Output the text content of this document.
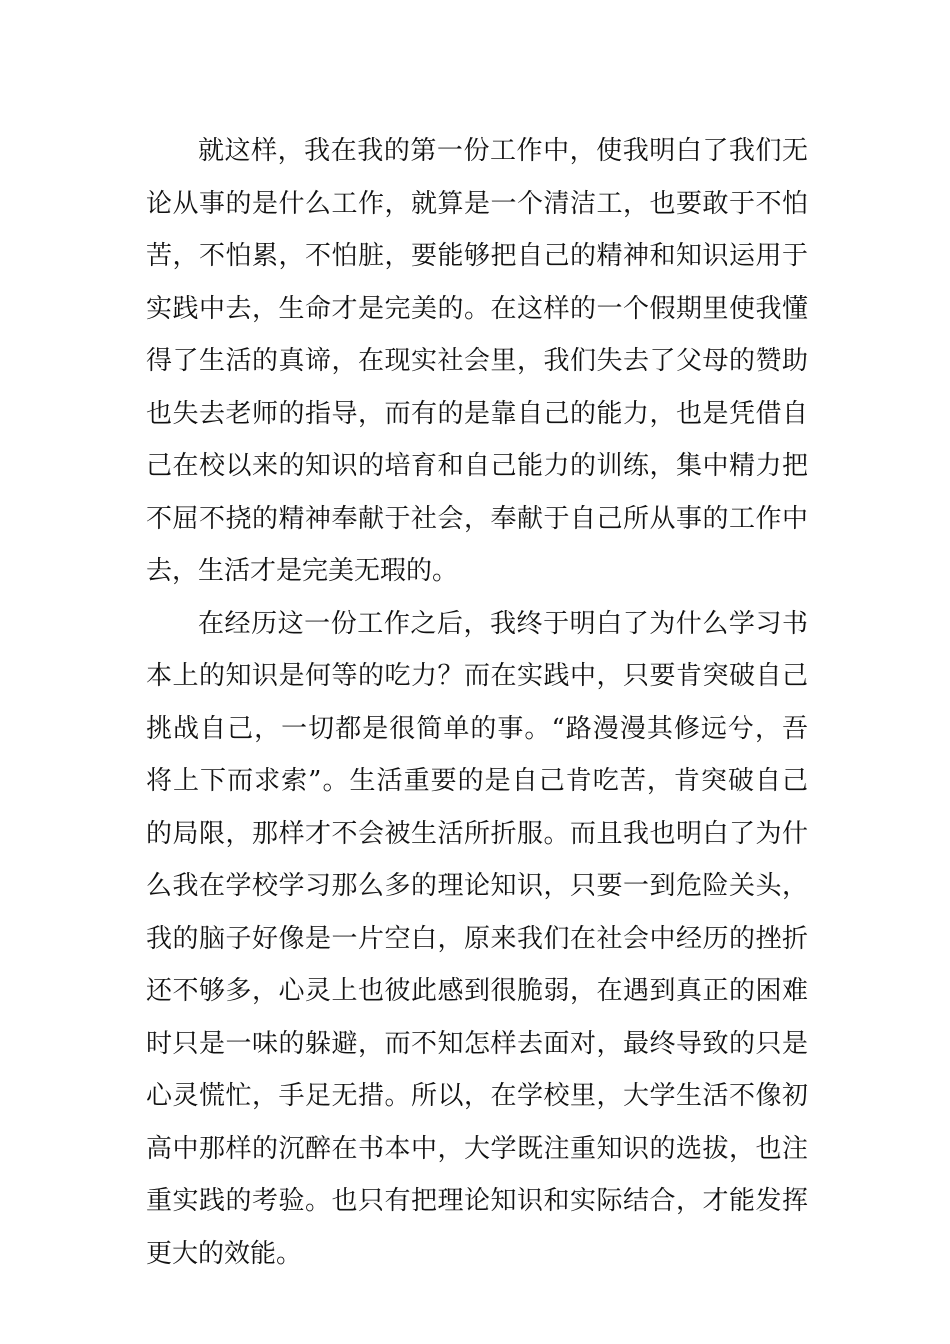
就这样，我在我的第一份工作中，使我明白了我们无论从事的是什么工作，就算是一个清洁工，也要敢于不怕苦，不怕累，不怕脏，要能够把自己的精神和知识运用于实践中去，生命才是完美的。在这样的一个假期里使我懂得了生活的真谛，在现实社会里，我们失去了父母的赞助也失去老师的指导，而有的是靠自己的能力，也是凭借自己在校以来的知识的培育和自己能力的训练，集中精力把不屈不挠的精神奉献于社会，奉献于自己所从事的工作中去，生活才是完美无瑕的。

在经历这一份工作之后，我终于明白了为什么学习书本上的知识是何等的吃力？而在实践中，只要肯突破自己挑战自己，一切都是很简单的事。“路漫漫其修远兮，吾将上下而求索”。生活重要的是自己肯吃苦，肯突破自己的局限，那样才不会被生活所折服。而且我也明白了为什么我在学校学习那么多的理论知识，只要一到危险关头，我的脑子好像是一片空白，原来我们在社会中经历的挫折还不够多，心灵上也彼此感到很脆弱，在遇到真正的困难时只是一味的躲避，而不知怎样去面对，最终导致的只是心灵慌忙，手足无措。所以，在学校里，大学生活不像初高中那样的沉醉在书本中，大学既注重知识的选拔，也注重实践的考验。也只有把理论知识和实际结合，才能发挥更大的效能。
